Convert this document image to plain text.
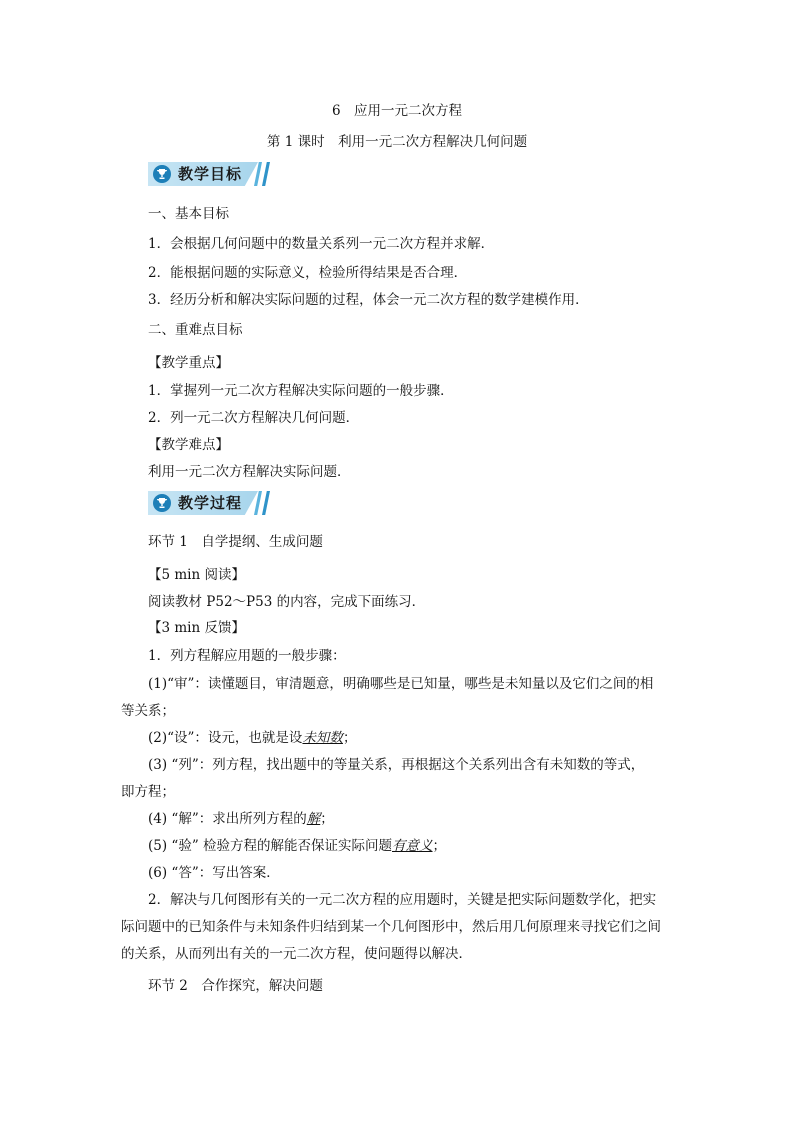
6　应用一元二次方程
第 1 课时　利用一元二次方程解决几何问题
教学目标
一、基本目标
1．会根据几何问题中的数量关系列一元二次方程并求解．
2．能根据问题的实际意义，检验所得结果是否合理．
3．经历分析和解决实际问题的过程，体会一元二次方程的数学建模作用．
二、重难点目标
【教学重点】
1．掌握列一元二次方程解决实际问题的一般步骤．
2．列一元二次方程解决几何问题．
【教学难点】
利用一元二次方程解决实际问题．
教学过程
环节 1　自学提纲、生成问题
【5 min 阅读】
阅读教材 P52～P53 的内容，完成下面练习．
【3 min 反馈】
1．列方程解应用题的一般步骤：
(1)“审”：读懂题目，审清题意，明确哪些是已知量，哪些是未知量以及它们之间的相
等关系；
(2)“设”：设元，也就是设未知数；
(3) “列”：列方程，找出题中的等量关系，再根据这个关系列出含有未知数的等式，
即方程；
(4) “解”：求出所列方程的解；
(5) “验” 检验方程的解能否保证实际问题有意义；
(6) “答”：写出答案．
2．解决与几何图形有关的一元二次方程的应用题时，关键是把实际问题数学化，把实
际问题中的已知条件与未知条件归结到某一个几何图形中，然后用几何原理来寻找它们之间
的关系，从而列出有关的一元二次方程，使问题得以解决．
环节 2　合作探究，解决问题
